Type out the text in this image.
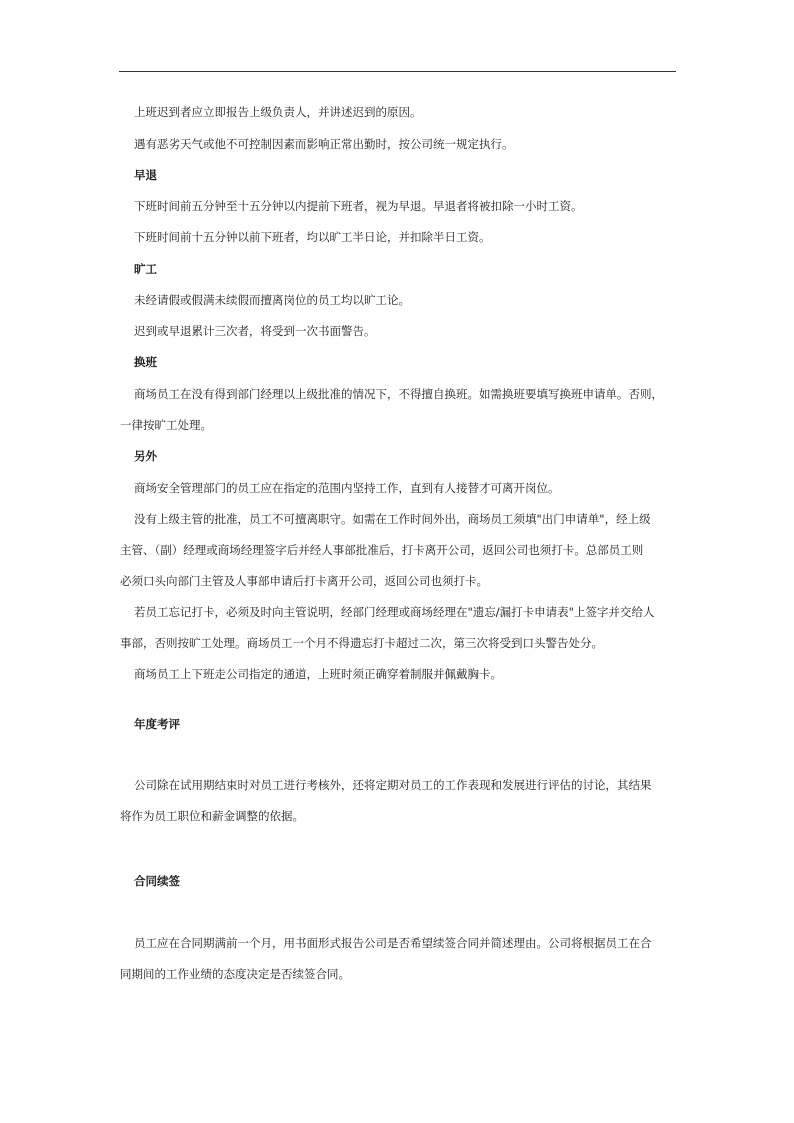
上班迟到者应立即报告上级负责人，并讲述迟到的原因。
遇有恶劣天气或他不可控制因素而影响正常出勤时，按公司统一规定执行。
早退
下班时间前五分钟至十五分钟以内提前下班者，视为早退。早退者将被扣除一小时工资。
下班时间前十五分钟以前下班者，均以旷工半日论，并扣除半日工资。
旷工
未经请假或假满未续假而擅离岗位的员工均以旷工论。
迟到或早退累计三次者，将受到一次书面警告。
换班
商场员工在没有得到部门经理以上级批准的情况下，不得擅自换班。如需换班要填写换班申请单。否则，
一律按旷工处理。
另外
商场安全管理部门的员工应在指定的范围内坚持工作，直到有人接替才可离开岗位。
没有上级主管的批准，员工不可擅离职守。如需在工作时间外出，商场员工须填"出门申请单"，经上级
主管、（副）经理或商场经理签字后并经人事部批准后，打卡离开公司，返回公司也须打卡。总部员工则
必须口头向部门主管及人事部申请后打卡离开公司，返回公司也须打卡。
若员工忘记打卡，必须及时向主管说明，经部门经理或商场经理在"遗忘/漏打卡申请表"上签字并交给人
事部，否则按旷工处理。商场员工一个月不得遗忘打卡超过二次，第三次将受到口头警告处分。
商场员工上下班走公司指定的通道，上班时须正确穿着制服并佩戴胸卡。
年度考评
公司除在试用期结束时对员工进行考核外，还将定期对员工的工作表现和发展进行评估的讨论，其结果
将作为员工职位和薪金调整的依据。
合同续签
员工应在合同期满前一个月，用书面形式报告公司是否希望续签合同并简述理由。公司将根据员工在合
同期间的工作业绩的态度决定是否续签合同。
